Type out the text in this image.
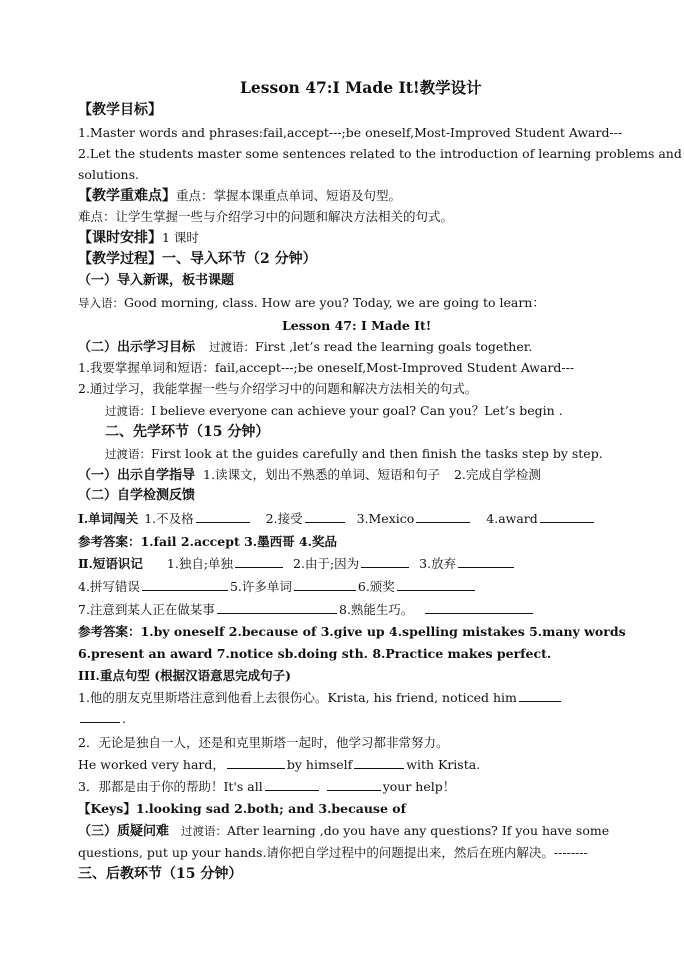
Lesson 47:I Made It!教学设计
【教学目标】
1.Master words and phrases:fail,accept---;be oneself,Most-Improved Student Award---
2.Let the students master some sentences related to the introduction of learning problems and
solutions.
【教学重难点】重点：掌握本课重点单词、短语及句型。
难点：让学生掌握一些与介绍学习中的问题和解决方法相关的句式。
【课时安排】1 课时
【教学过程】一、导入环节（2 分钟）
（一）导入新课，板书课题
导入语：Good morning, class. How are you? Today, we are going to learn：
Lesson 47: I Made It!
（二）出示学习目标 过渡语：First ,let’s read the learning goals together.
1.我要掌握单词和短语：fail,accept---;be oneself,Most-Improved Student Award---
2.通过学习，我能掌握一些与介绍学习中的问题和解决方法相关的句式。
过渡语：I believe everyone can achieve your goal? Can you？Let’s begin .
二、先学环节（15 分钟）
过渡语：First look at the guides carefully and then finish the tasks step by step.
（一）出示自学指导 1.读课文，划出不熟悉的单词、短语和句子 2.完成自学检测
（二）自学检测反馈
Ⅰ.单词闯关 1.不及格	2.接受	3.Mexico	4.award
参考答案：1.fail 2.accept 3.墨西哥 4.奖品
Ⅱ.短语识记 1.独自;单独	2.由于;因为	3.放弃
4.拼写错误	5.许多单词	6.颁奖
7.注意到某人正在做某事	8.熟能生巧。
参考答案：1.by oneself 2.because of 3.give up 4.spelling mistakes 5.many words
6.present an award 7.notice sb.doing sth. 8.Practice makes perfect.
III.重点句型 (根据汉语意思完成句子)
1.他的朋友克里斯塔注意到他看上去很伤心。Krista, his friend, noticed him
.
2．无论是独自一人，还是和克里斯塔一起时，他学习都非常努力。
He worked very hard，	by himself	with Krista.
3．那都是由于你的帮助！It's all	your help！
【Keys】1.looking sad 2.both; and 3.because of
（三）质疑问难 过渡语：After learning ,do you have any questions? If you have some
questions, put up your hands.请你把自学过程中的问题提出来，然后在班内解决。--------
三、后教环节（15 分钟）
